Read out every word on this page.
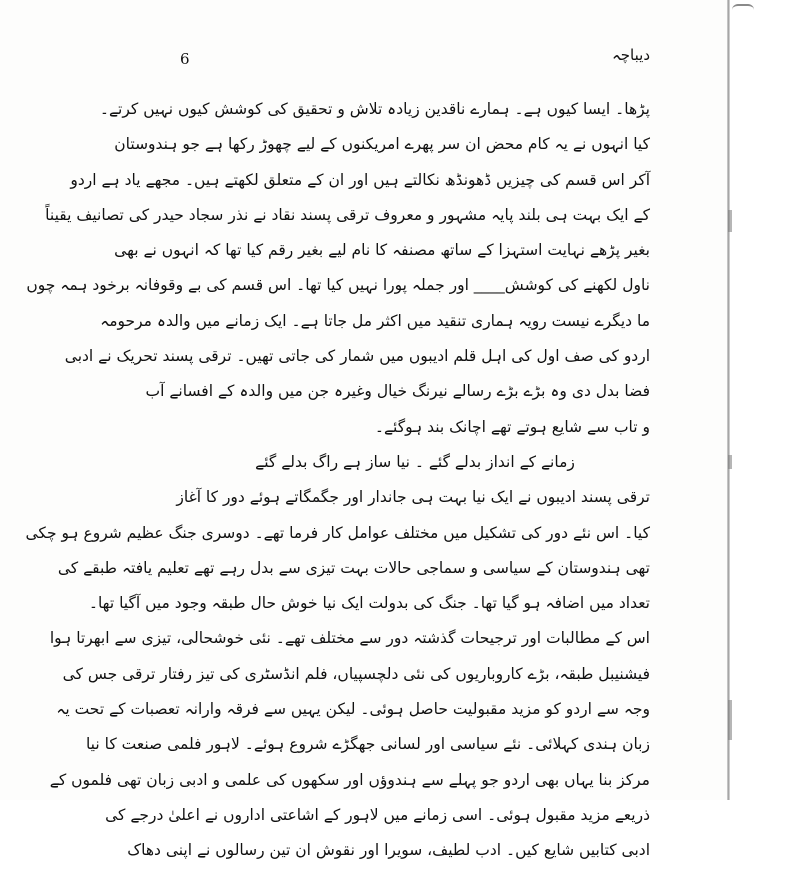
6	دیباچہ
پڑھا۔ ایسا کیوں ہے۔ ہمارے ناقدین زیادہ تلاش و تحقیق کی کوشش کیوں نہیں کرتے۔
کیا انہوں نے یہ کام محض ان سر پھرے امریکنوں کے لیے چھوڑ رکھا ہے جو ہندوستان
آکر اس قسم کی چیزیں ڈھونڈھ نکالتے ہیں اور ان کے متعلق لکھتے ہیں۔ مجھے یاد ہے اردو
کے ایک بہت ہی بلند پایہ مشہور و معروف ترقی پسند نقاد نے نذر سجاد حیدر کی تصانیف یقیناً
بغیر پڑھے نہایت استہزا کے ساتھ مصنفہ کا نام لیے بغیر رقم کیا تھا کہ انہوں نے بھی
ناول لکھنے کی کوشش____ اور جملہ پورا نہیں کیا تھا۔ اس قسم کی بے وقوفانہ برخود ہمہ چوں
ما دیگرے نیست رویہ ہماری تنقید میں اکثر مل جاتا ہے۔ ایک زمانے میں والدہ مرحومہ
اردو کی صف اول کی اہل قلم ادیبوں میں شمار کی جاتی تھیں۔ ترقی پسند تحریک نے ادبی
فضا بدل دی وہ بڑے بڑے رسالے نیرنگ خیال وغیرہ جن میں والدہ کے افسانے آب
و تاب سے شایع ہوتے تھے اچانک بند ہوگئے۔
زمانے کے انداز بدلے گئے ۔ نیا ساز ہے راگ بدلے گئے
ترقی پسند ادیبوں نے ایک نیا بہت ہی جاندار اور جگمگاتے ہوئے دور کا آغاز
کیا۔ اس نئے دور کی تشکیل میں مختلف عوامل کار فرما تھے۔ دوسری جنگ عظیم شروع ہو چکی
تھی ہندوستان کے سیاسی و سماجی حالات بہت تیزی سے بدل رہے تھے تعلیم یافتہ طبقے کی
تعداد میں اضافہ ہو گیا تھا۔ جنگ کی بدولت ایک نیا خوش حال طبقہ وجود میں آگیا تھا۔
اس کے مطالبات اور ترجیحات گذشتہ دور سے مختلف تھے۔ نئی خوشحالی، تیزی سے ابھرتا ہوا
فیشنیبل طبقہ، بڑے کاروباریوں کی نئی دلچسپیاں، فلم انڈسٹری کی تیز رفتار ترقی جس کی
وجہ سے اردو کو مزید مقبولیت حاصل ہوئی۔ لیکن یہیں سے فرقہ وارانہ تعصبات کے تحت یہ
زبان ہندی کہلائی۔ نئے سیاسی اور لسانی جھگڑے شروع ہوئے۔ لاہور فلمی صنعت کا نیا
مرکز بنا یہاں بھی اردو جو پہلے سے ہندوؤں اور سکھوں کی علمی و ادبی زبان تھی فلموں کے
ذریعے مزید مقبول ہوئی۔ اسی زمانے میں لاہور کے اشاعتی اداروں نے اعلیٰ درجے کی
ادبی کتابیں شایع کیں۔ ادب لطیف، سویرا اور نقوش ان تین رسالوں نے اپنی دھاک
